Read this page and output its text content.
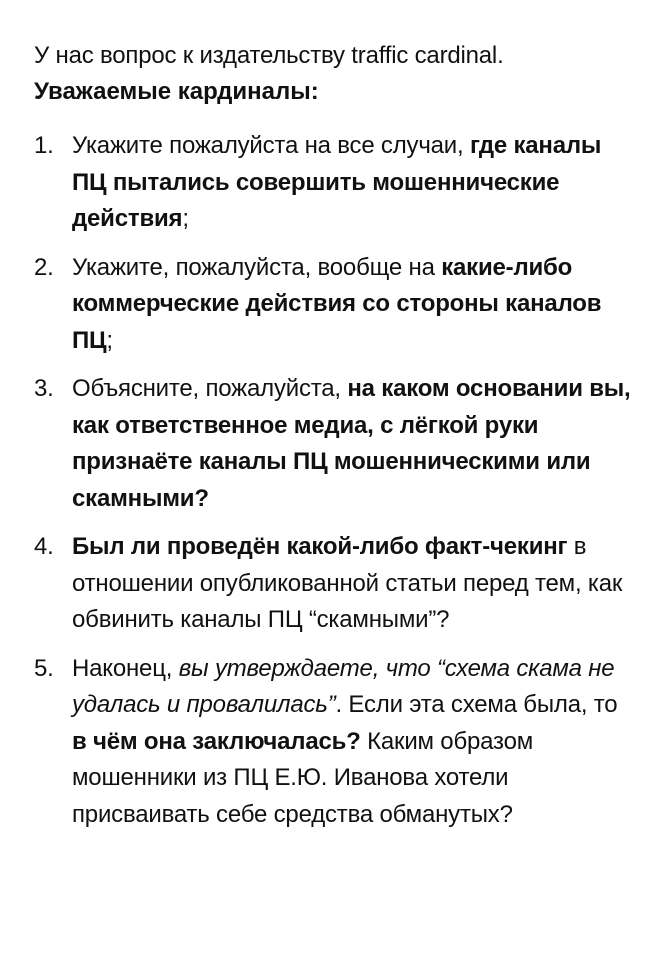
У нас вопрос к издательству traffic cardinal.

Уважаемые кардиналы:

1. Укажите пожалуйста на все случаи, где каналы ПЦ пытались совершить мошеннические действия;
2. Укажите, пожалуйста, вообще на какие-либо коммерческие действия со стороны каналов ПЦ;
3. Объясните, пожалуйста, на каком основании вы, как ответственное медиа, с лёгкой руки признаёте каналы ПЦ мошенническими или скамными?
4. Был ли проведён какой-либо факт-чекинг в отношении опубликованной статьи перед тем, как обвинить каналы ПЦ “скамными”?
5. Наконец, вы утверждаете, что “схема скама не удалась и провалилась”. Если эта схема была, то в чём она заключалась? Каким образом мошенники из ПЦ Е.Ю. Иванова хотели присваивать себе средства обманутых?
